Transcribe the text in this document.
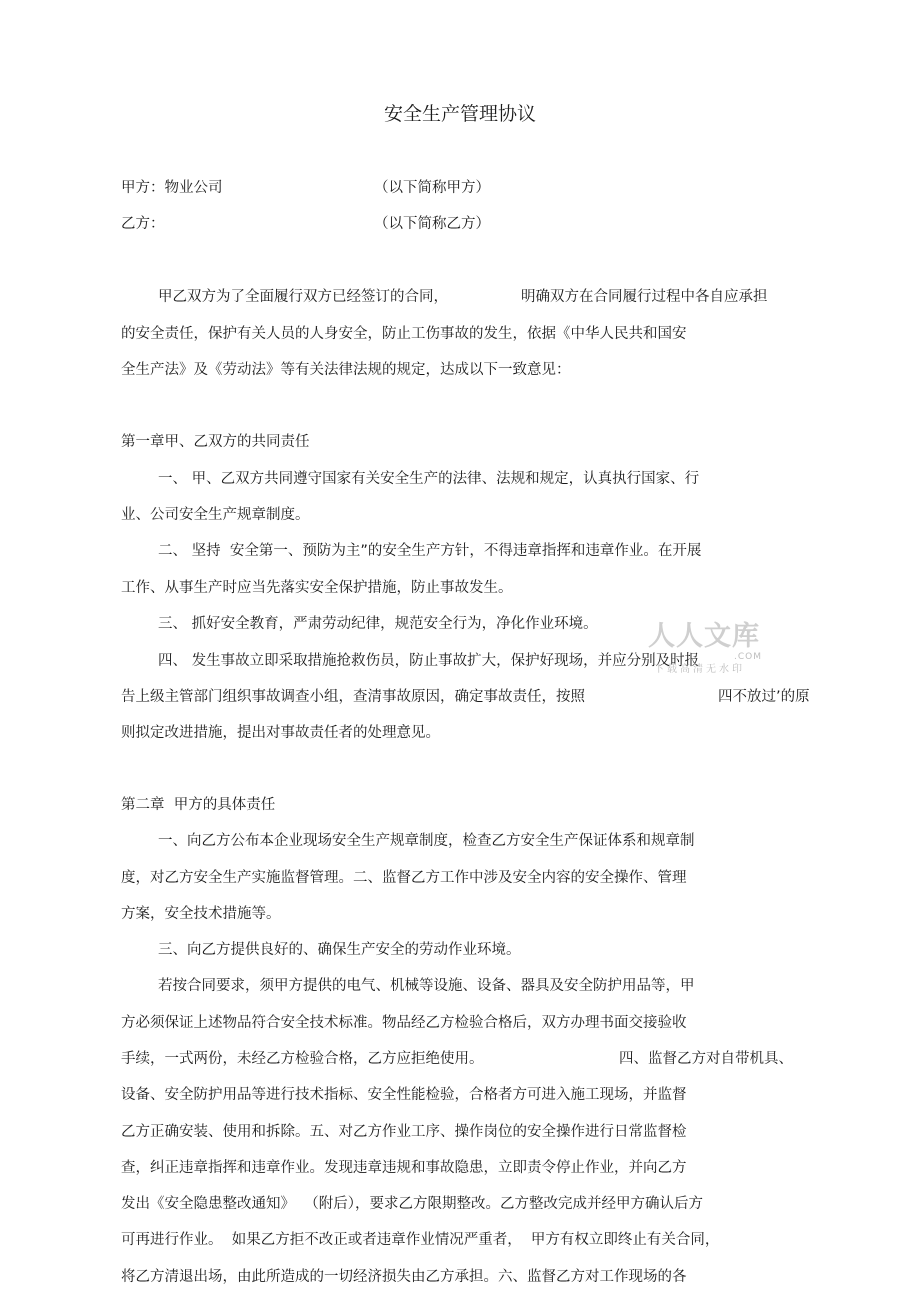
安全生产管理协议
甲方：物业公司	（以下简称甲方）
乙方：	（以下简称乙方）
甲乙双方为了全面履行双方已经签订的合同，	明确双方在合同履行过程中各自应承担
的安全责任，保护有关人员的人身安全，防止工伤事故的发生，依据《中华人民共和国安
全生产法》及《劳动法》等有关法律法规的规定，达成以下一致意见：
第一章甲、乙双方的共同责任
一、 甲、乙双方共同遵守国家有关安全生产的法律、法规和规定，认真执行国家、行
业、公司安全生产规章制度。
二、 坚持  安全第一、预防为主”的安全生产方针，不得违章指挥和违章作业。在开展
工作、从事生产时应当先落实安全保护措施，防止事故发生。
三、 抓好安全教育，严肃劳动纪律，规范安全行为，净化作业环境。
四、 发生事故立即采取措施抢救伤员，防止事故扩大，保护好现场，并应分别及时报
告上级主管部门组织事故调查小组，查清事故原因，确定事故责任，按照	四不放过’的原
则拟定改进措施，提出对事故责任者的处理意见。
第二章  甲方的具体责任
一、向乙方公布本企业现场安全生产规章制度，检查乙方安全生产保证体系和规章制
度，对乙方安全生产实施监督管理。二、监督乙方工作中涉及安全内容的安全操作、管理
方案，安全技术措施等。
三、向乙方提供良好的、确保生产安全的劳动作业环境。
若按合同要求，须甲方提供的电气、机械等设施、设备、器具及安全防护用品等，甲
方必须保证上述物品符合安全技术标准。物品经乙方检验合格后，双方办理书面交接验收
手续，一式两份，未经乙方检验合格，乙方应拒绝使用。	四、监督乙方对自带机具、
设备、安全防护用品等进行技术指标、安全性能检验，合格者方可进入施工现场，并监督
乙方正确安装、使用和拆除。五、对乙方作业工序、操作岗位的安全操作进行日常监督检
查，纠正违章指挥和违章作业。发现违章违规和事故隐患，立即责令停止作业，并向乙方
发出《安全隐患整改通知》  （附后），要求乙方限期整改。乙方整改完成并经甲方确认后方
可再进行作业。  如果乙方拒不改正或者违章作业情况严重者，  甲方有权立即终止有关合同，
将乙方清退出场，由此所造成的一切经济损失由乙方承担。六、监督乙方对工作现场的各
人人文库
.COM
下载高清无水印
